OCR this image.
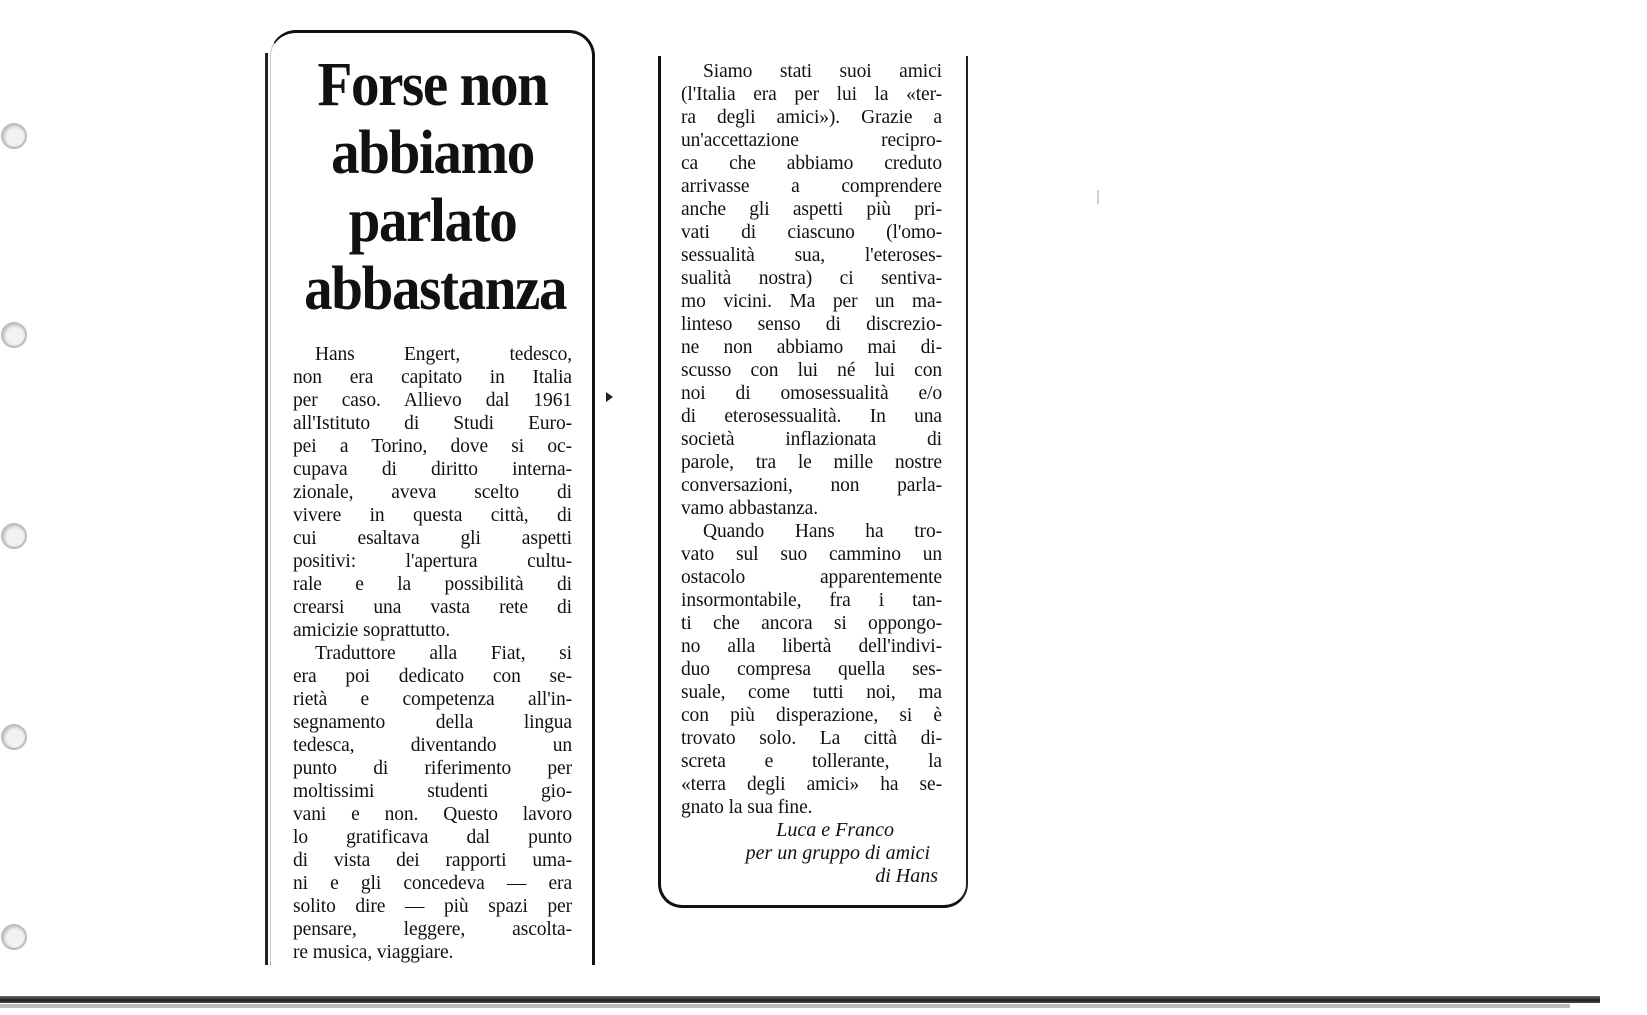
Forse non
abbiamo
parlato
abbastanza

Hans Engert, tedesco,
non era capitato in Italia
per caso. Allievo dal 1961
all'Istituto di Studi Euro-
pei a Torino, dove si oc-
cupava di diritto interna-
zionale, aveva scelto di
vivere in questa città, di
cui esaltava gli aspetti
positivi: l'apertura cultu-
rale e la possibilità di
crearsi una vasta rete di
amicizie soprattutto.

Traduttore alla Fiat, si
era poi dedicato con se-
rietà e competenza all'in-
segnamento della lingua
tedesca, diventando un
punto di riferimento per
moltissimi studenti gio-
vani e non. Questo lavoro
lo gratificava dal punto
di vista dei rapporti uma-
ni e gli concedeva — era
solito dire — più spazi per
pensare, leggere, ascolta-
re musica, viaggiare.

Siamo stati suoi amici
(l'Italia era per lui la «ter-
ra degli amici»). Grazie a
un'accettazione recipro-
ca che abbiamo creduto
arrivasse a comprendere
anche gli aspetti più pri-
vati di ciascuno (l'omo-
sessualità sua, l'eteroses-
sualità nostra) ci sentiva-
mo vicini. Ma per un ma-
linteso senso di discrezio-
ne non abbiamo mai di-
scusso con lui né lui con
noi di omosessualità e/o
di eterosessualità. In una
società inflazionata di
parole, tra le mille nostre
conversazioni, non parla-
vamo abbastanza.

Quando Hans ha tro-
vato sul suo cammino un
ostacolo apparentemente
insormontabile, fra i tan-
ti che ancora si oppongo-
no alla libertà dell'indivi-
duo compresa quella ses-
suale, come tutti noi, ma
con più disperazione, si è
trovato solo. La città di-
screta e tollerante, la
«terra degli amici» ha se-
gnato la sua fine.

Luca e Franco
per un gruppo di amici
di Hans
